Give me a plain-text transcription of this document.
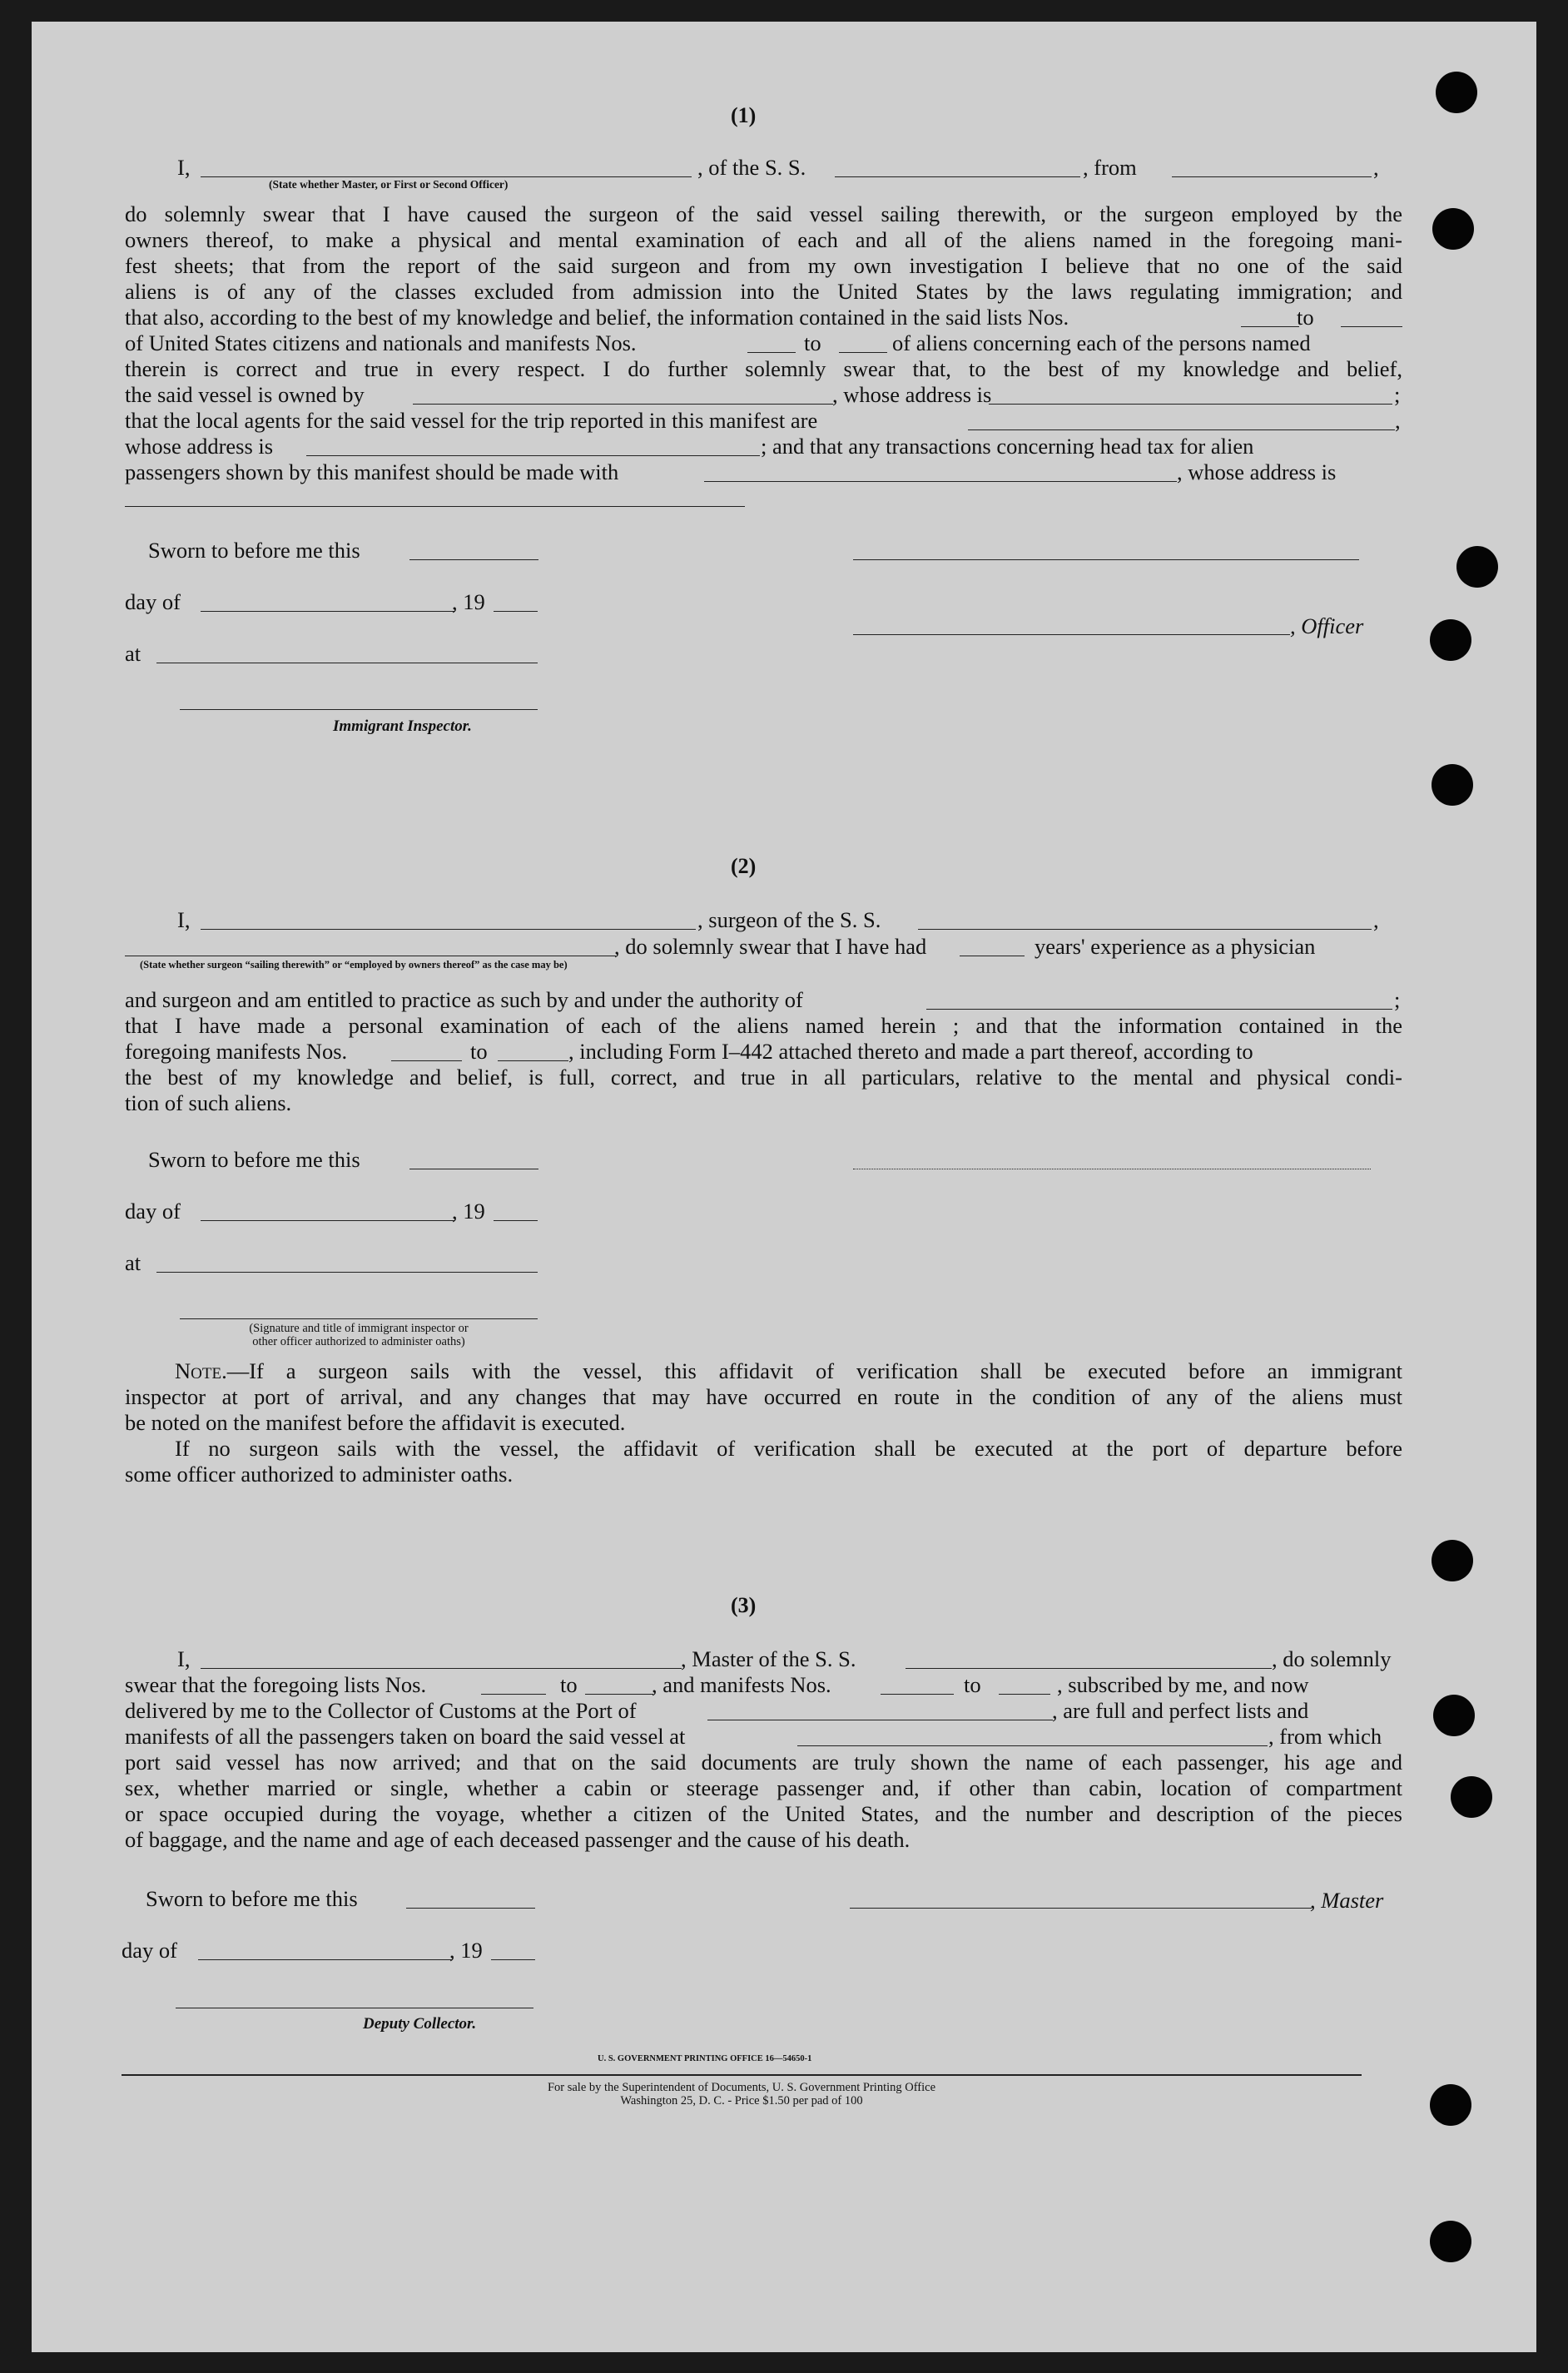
(1)
I,	, of the S. S.	, from	,
(State whether Master, or First or Second Officer)
do solemnly swear that I have caused the surgeon of the said vessel sailing therewith, or the surgeon employed by the
owners thereof, to make a physical and mental examination of each and all of the aliens named in the foregoing mani-
fest sheets; that from the report of the said surgeon and from my own investigation I believe that no one of the said
aliens is of any of the classes excluded from admission into the United States by the laws regulating immigration; and
that also, according to the best of my knowledge and belief, the information contained in the said lists Nos.	to
of United States citizens and nationals and manifests Nos.	to	of aliens concerning each of the persons named
therein is correct and true in every respect. I do further solemnly swear that, to the best of my knowledge and belief,
the said vessel is owned by	, whose address is	;
that the local agents for the said vessel for the trip reported in this manifest are	,
whose address is	; and that any transactions concerning head tax for alien
passengers shown by this manifest should be made with	, whose address is
Sworn to before me this
day of	, 19
, Officer
at
Immigrant Inspector.
(2)
I,	, surgeon of the S. S.	,
, do solemnly swear that I have had	years' experience as a physician
(State whether surgeon “sailing therewith” or “employed by owners thereof” as the case may be)
and surgeon and am entitled to practice as such by and under the authority of	;
that I have made a personal examination of each of the aliens named herein ; and that the information contained in the
foregoing manifests Nos.	to	, including Form I–442 attached thereto and made a part thereof, according to
the best of my knowledge and belief, is full, correct, and true in all particulars, relative to the mental and physical condi-
tion of such aliens.
Sworn to before me this
day of	, 19
at
(Signature and title of immigrant inspector or
other officer authorized to administer oaths)
Note.—If a surgeon sails with the vessel, this affidavit of verification shall be executed before an immigrant
inspector at port of arrival, and any changes that may have occurred en route in the condition of any of the aliens must
be noted on the manifest before the affidavit is executed.
If no surgeon sails with the vessel, the affidavit of verification shall be executed at the port of departure before
some officer authorized to administer oaths.
(3)
I,	, Master of the S. S.	, do solemnly
swear that the foregoing lists Nos.	to	, and manifests Nos.	to	, subscribed by me, and now
delivered by me to the Collector of Customs at the Port of	, are full and perfect lists and
manifests of all the passengers taken on board the said vessel at	, from which
port said vessel has now arrived; and that on the said documents are truly shown the name of each passenger, his age and
sex, whether married or single, whether a cabin or steerage passenger and, if other than cabin, location of compartment
or space occupied during the voyage, whether a citizen of the United States, and the number and description of the pieces
of baggage, and the name and age of each deceased passenger and the cause of his death.
Sworn to before me this	, Master
day of	, 19
Deputy Collector.
U. S. GOVERNMENT PRINTING OFFICE 16—54650-1
For sale by the Superintendent of Documents, U. S. Government Printing Office
Washington 25, D. C. - Price $1.50 per pad of 100
